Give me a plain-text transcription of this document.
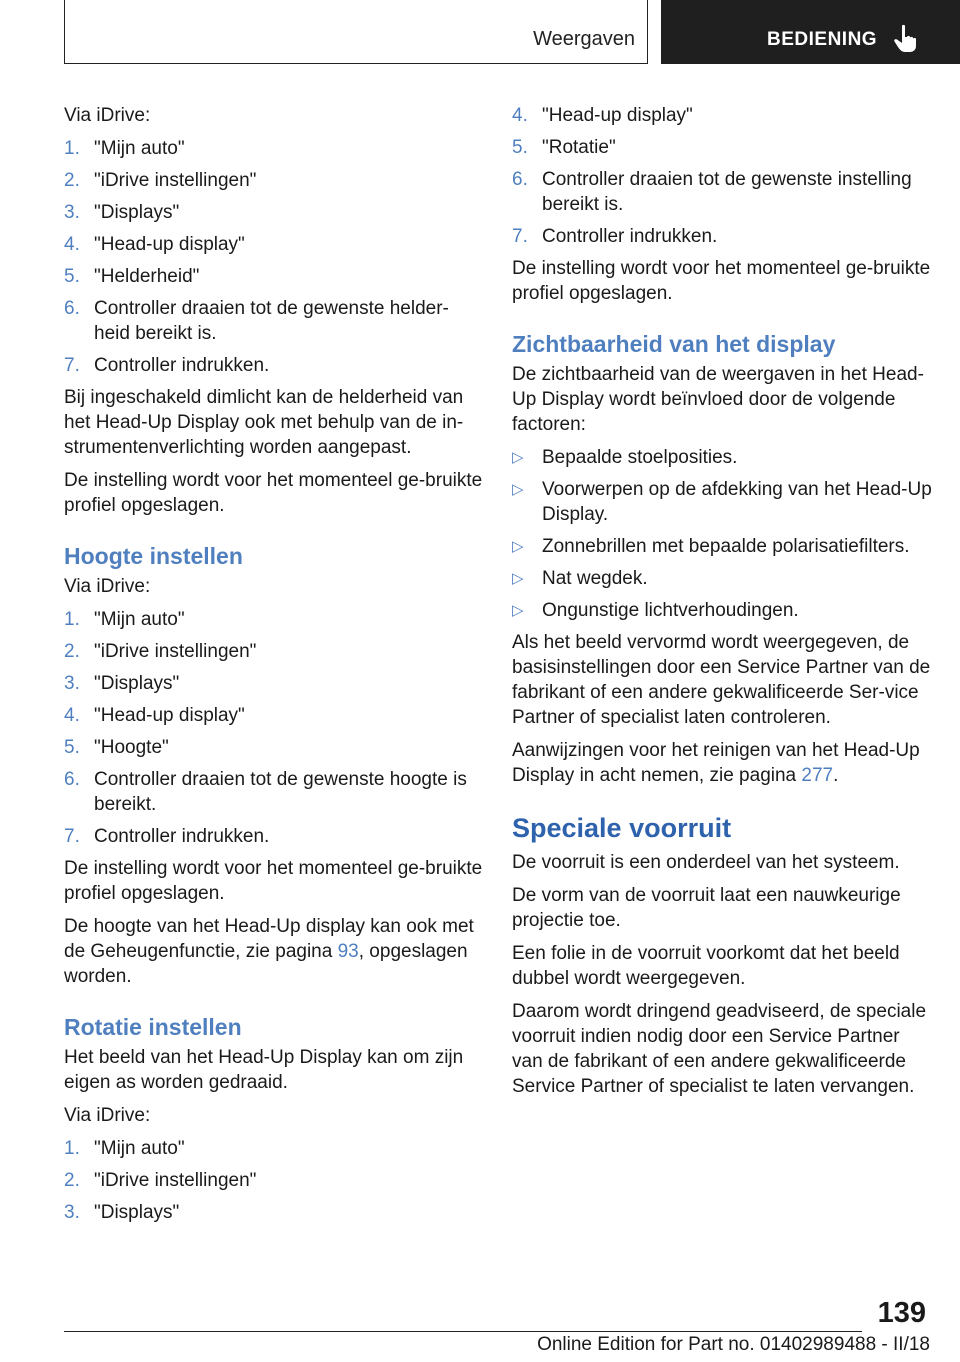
Weergaven	BEDIENING

Via iDrive:

1. "Mijn auto"
2. "iDrive instellingen"
3. "Displays"
4. "Head-up display"
5. "Helderheid"
6. Controller draaien tot de gewenste helder‐heid bereikt is.
7. Controller indrukken.

Bij ingeschakeld dimlicht kan de helderheid van het Head-Up Display ook met behulp van de in‐strumentenverlichting worden aangepast.

De instelling wordt voor het momenteel ge‐bruikte profiel opgeslagen.

Hoogte instellen

Via iDrive:

1. "Mijn auto"
2. "iDrive instellingen"
3. "Displays"
4. "Head-up display"
5. "Hoogte"
6. Controller draaien tot de gewenste hoogte is bereikt.
7. Controller indrukken.

De instelling wordt voor het momenteel ge‐bruikte profiel opgeslagen.

De hoogte van het Head-Up display kan ook met de Geheugenfunctie, zie pagina 93, opgeslagen worden.

Rotatie instellen

Het beeld van het Head-Up Display kan om zijn eigen as worden gedraaid.

Via iDrive:

1. "Mijn auto"
2. "iDrive instellingen"
3. "Displays"
4. "Head-up display"
5. "Rotatie"
6. Controller draaien tot de gewenste instelling bereikt is.
7. Controller indrukken.

De instelling wordt voor het momenteel ge‐bruikte profiel opgeslagen.

Zichtbaarheid van het display

De zichtbaarheid van de weergaven in het Head-Up Display wordt beïnvloed door de volgende factoren:

▷ Bepaalde stoelposities.
▷ Voorwerpen op de afdekking van het Head-Up Display.
▷ Zonnebrillen met bepaalde polarisatiefilters.
▷ Nat wegdek.
▷ Ongunstige lichtverhoudingen.

Als het beeld vervormd wordt weergegeven, de basisinstellingen door een Service Partner van de fabrikant of een andere gekwalificeerde Ser‐vice Partner of specialist laten controleren.

Aanwijzingen voor het reinigen van het Head-Up Display in acht nemen, zie pagina 277.

Speciale voorruit

De voorruit is een onderdeel van het systeem.

De vorm van de voorruit laat een nauwkeurige projectie toe.

Een folie in de voorruit voorkomt dat het beeld dubbel wordt weergegeven.

Daarom wordt dringend geadviseerd, de speciale voorruit indien nodig door een Service Partner van de fabrikant of een andere gekwalificeerde Service Partner of specialist te laten vervangen.

139
Online Edition for Part no. 01402989488 - II/18
